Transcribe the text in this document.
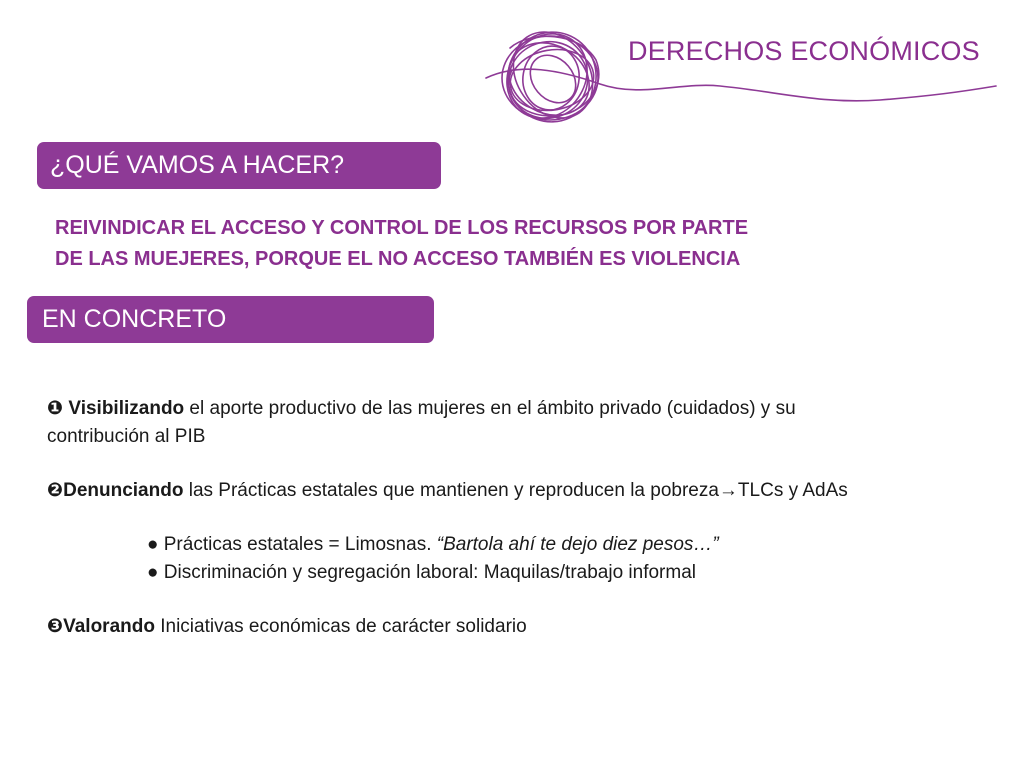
DERECHOS ECONÓMICOS
¿QUÉ VAMOS A HACER?
REIVINDICAR EL ACCESO Y CONTROL DE LOS RECURSOS POR PARTE
DE LAS MUEJERES, PORQUE EL NO ACCESO TAMBIÉN ES VIOLENCIA
EN CONCRETO

❶ Visibilizando el aporte productivo de las mujeres en el ámbito privado (cuidados) y su
contribución al PIB

❷Denunciando las Prácticas estatales que mantienen y reproducen la pobreza→TLCs y AdAs

● Prácticas estatales = Limosnas. “Bartola ahí te dejo diez pesos…”

● Discriminación y segregación laboral: Maquilas/trabajo informal

❸Valorando Iniciativas económicas de carácter solidario
